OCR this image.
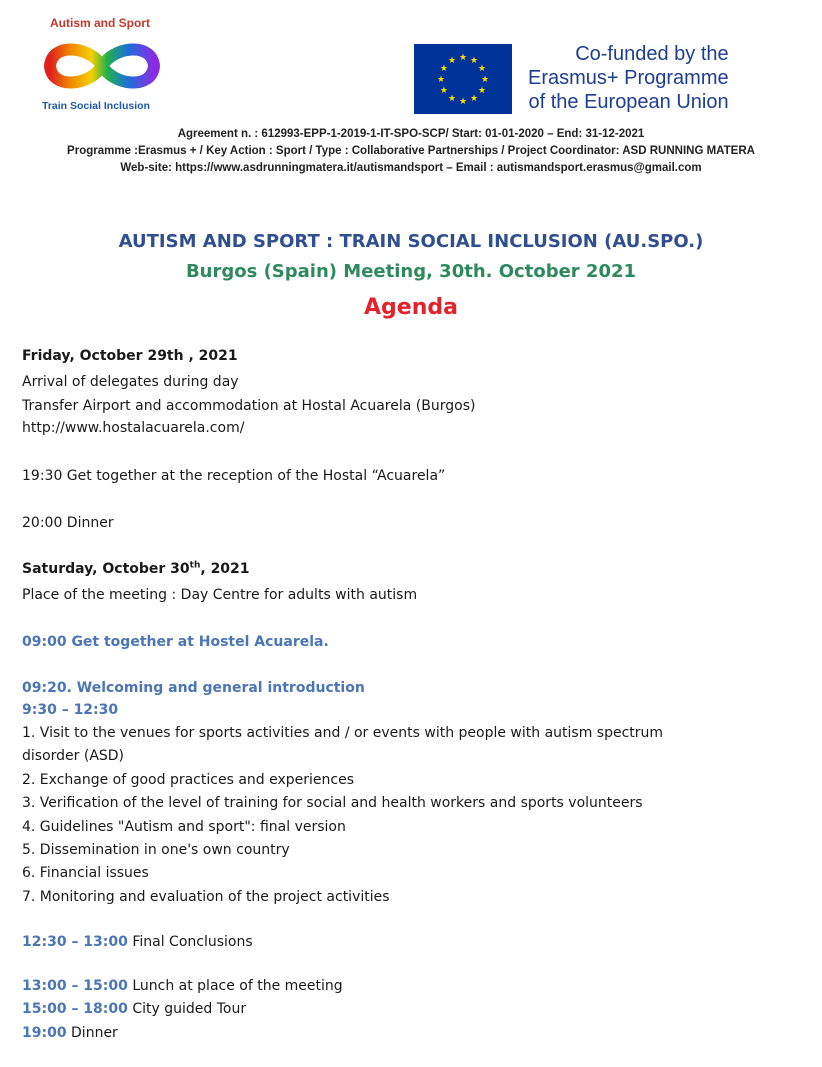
Autism and Sport
Train Social Inclusion
★ ★
★
★
★
★
★
★
★
★
★
★	Co-funded by the
Erasmus+ Programme
of the European Union
Agreement n. : 612993-EPP-1-2019-1-IT-SPO-SCP/ Start: 01-01-2020 – End: 31-12-2021
Programme :Erasmus + / Key Action : Sport / Type : Collaborative Partnerships / Project Coordinator: ASD RUNNING MATERA
Web-site: https://www.asdrunningmatera.it/autismandsport – Email : autismandsport.erasmus@gmail.com
AUTISM AND SPORT : TRAIN SOCIAL INCLUSION (AU.SPO.)
Burgos (Spain) Meeting, 30th. October 2021
Agenda
Friday, October 29th , 2021
Arrival of delegates during day
Transfer Airport and accommodation at Hostal Acuarela (Burgos)
http://www.hostalacuarela.com/
19:30 Get together at the reception of the Hostal “Acuarela”
20:00 Dinner
Saturday, October 30th, 2021
Place of the meeting : Day Centre for adults with autism
09:00 Get together at Hostel Acuarela.
09:20. Welcoming and general introduction
9:30 – 12:30
1. Visit to the venues for sports activities and / or events with people with autism spectrum
disorder (ASD)
2. Exchange of good practices and experiences
3. Verification of the level of training for social and health workers and sports volunteers
4. Guidelines "Autism and sport": final version
5. Dissemination in one's own country
6. Financial issues
7. Monitoring and evaluation of the project activities
12:30 – 13:00 Final Conclusions
13:00 – 15:00 Lunch at place of the meeting
15:00 – 18:00 City guided Tour
19:00 Dinner
